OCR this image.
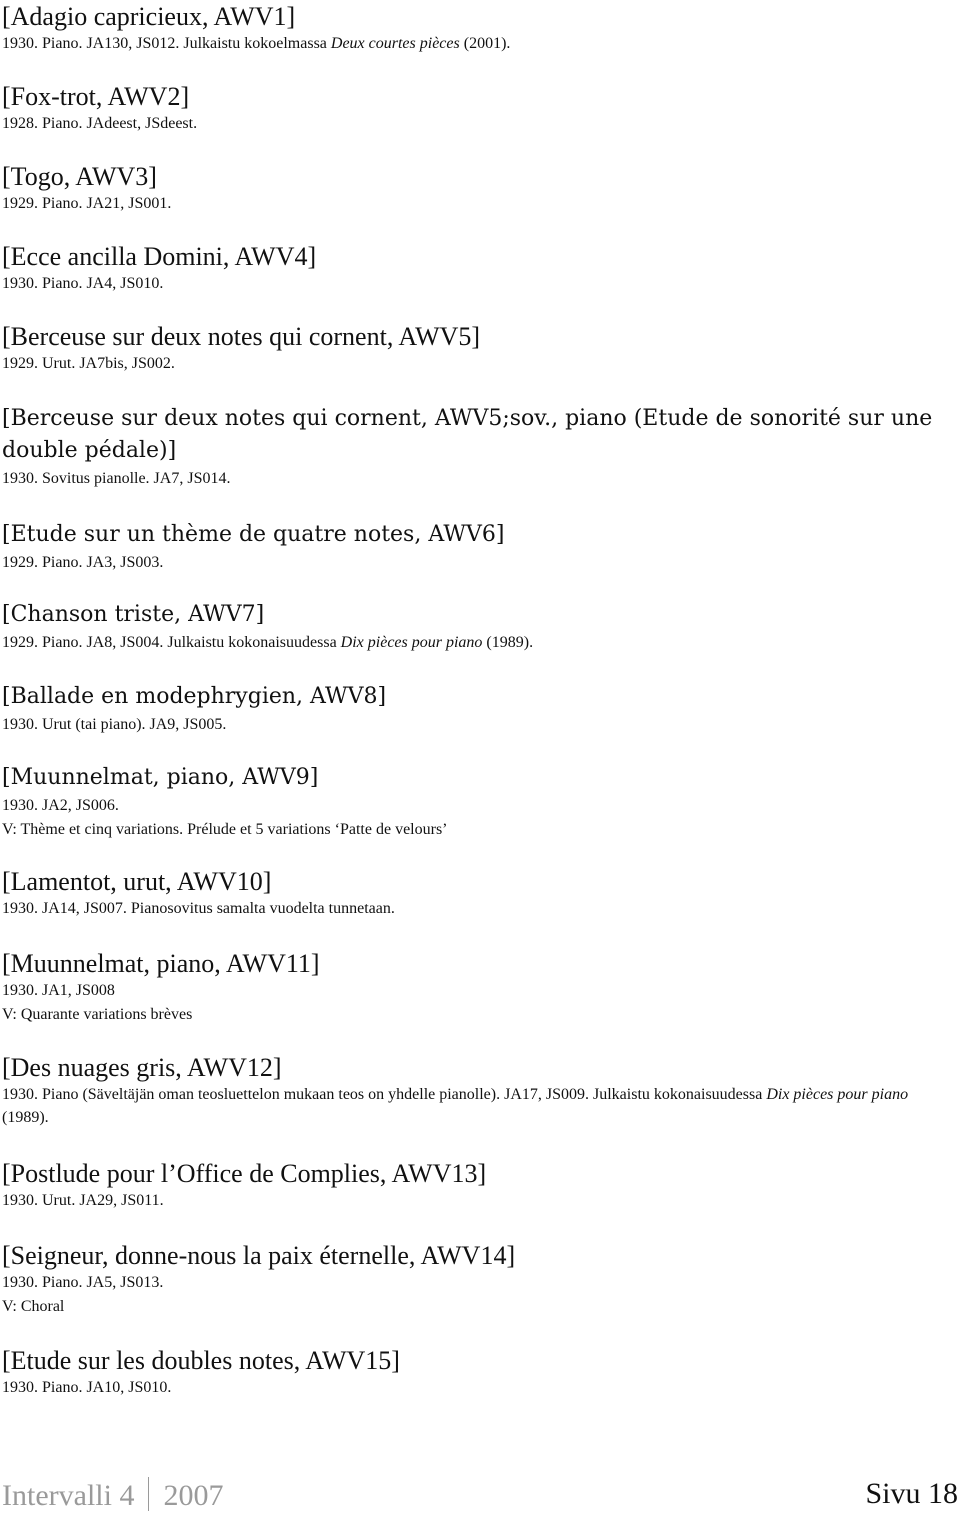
[Adagio capricieux, AWV1]
1930. Piano. JA130, JS012. Julkaistu kokoelmassa Deux courtes pièces (2001).
[Fox-trot, AWV2]
1928. Piano. JAdeest, JSdeest.
[Togo, AWV3]
1929. Piano. JA21, JS001.
[Ecce ancilla Domini, AWV4]
1930. Piano. JA4, JS010.
[Berceuse sur deux notes qui cornent, AWV5]
1929. Urut. JA7bis, JS002.
[Berceuse sur deux notes qui cornent, AWV5;sov., piano (Etude de sonorité sur une double pédale)]
1930. Sovitus pianolle. JA7, JS014.
[Etude sur un thème de quatre notes, AWV6]
1929. Piano. JA3, JS003.
[Chanson triste, AWV7]
1929. Piano. JA8, JS004. Julkaistu kokonaisuudessa Dix pièces pour piano (1989).
[Ballade en modephrygien, AWV8]
1930. Urut (tai piano). JA9, JS005.
[Muunnelmat, piano, AWV9]
1930. JA2, JS006.
V: Thème et cinq variations. Prélude et 5 variations ‘Patte de velours’
[Lamentot, urut, AWV10]
1930. JA14, JS007. Pianosovitus samalta vuodelta tunnetaan.
[Muunnelmat, piano, AWV11]
1930. JA1, JS008
V: Quarante variations brèves
[Des nuages gris, AWV12]
1930. Piano (Säveltäjän oman teosluettelon mukaan teos on yhdelle pianolle). JA17, JS009. Julkaistu kokonaisuudessa Dix pièces pour piano (1989).
[Postlude pour l’Office de Complies, AWV13]
1930. Urut. JA29, JS011.
[Seigneur, donne-nous la paix éternelle, AWV14]
1930. Piano. JA5, JS013.
V: Choral
[Etude sur les doubles notes, AWV15]
1930. Piano. JA10, JS010.
Intervalli 4 2007	Sivu 18
